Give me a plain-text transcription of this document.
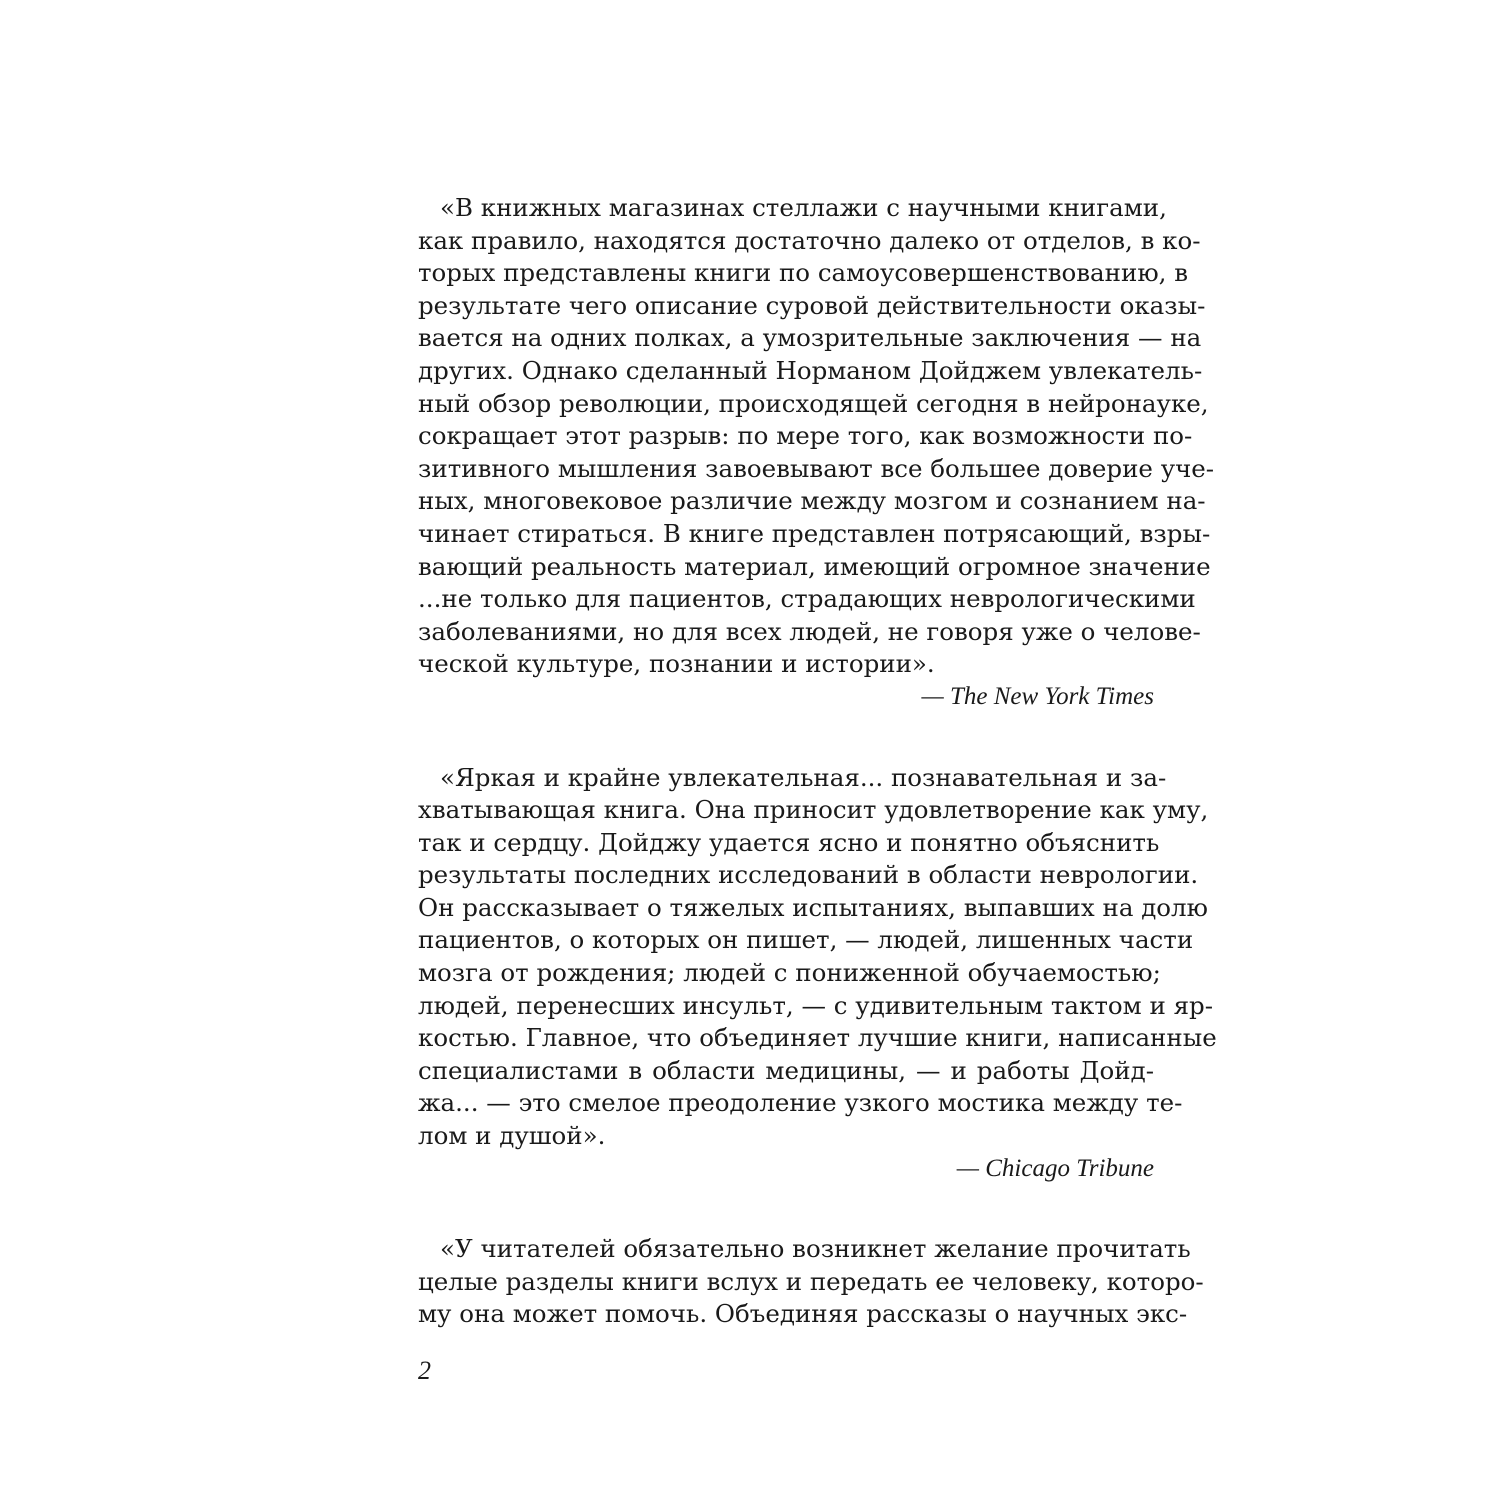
«В книжных магазинах стеллажи с научными книгами,
как правило, находятся достаточно далеко от отделов, в ко-
торых представлены книги по самоусовершенствованию, в
результате чего описание суровой действительности оказы-
вается на одних полках, а умозрительные заключения — на
других. Однако сделанный Норманом Дойджем увлекатель-
ный обзор революции, происходящей сегодня в нейронауке,
сокращает этот разрыв: по мере того, как возможности по-
зитивного мышления завоевывают все большее доверие уче-
ных, многовековое различие между мозгом и сознанием на-
чинает стираться. В книге представлен потрясающий, взры-
вающий реальность материал, имеющий огромное значение
...не только для пациентов, страдающих неврологическими
заболеваниями, но для всех людей, не говоря уже о челове-
ческой культуре, познании и истории».
— The New York Times
«Яркая и крайне увлекательная... познавательная и за-
хватывающая книга. Она приносит удовлетворение как уму,
так и сердцу. Дойджу удается ясно и понятно объяснить
результаты последних исследований в области неврологии.
Он рассказывает о тяжелых испытаниях, выпавших на долю
пациентов, о которых он пишет, — людей, лишенных части
мозга от рождения; людей с пониженной обучаемостью;
людей, перенесших инсульт, — с удивительным тактом и яр-
костью. Главное, что объединяет лучшие книги, написанные
специалистами в области медицины, — и работы Дойд-
жа... — это смелое преодоление узкого мостика между те-
лом и душой».
— Chicago Tribune
«У читателей обязательно возникнет желание прочитать
целые разделы книги вслух и передать ее человеку, которо-
му она может помочь. Объединяя рассказы о научных экс-
2
